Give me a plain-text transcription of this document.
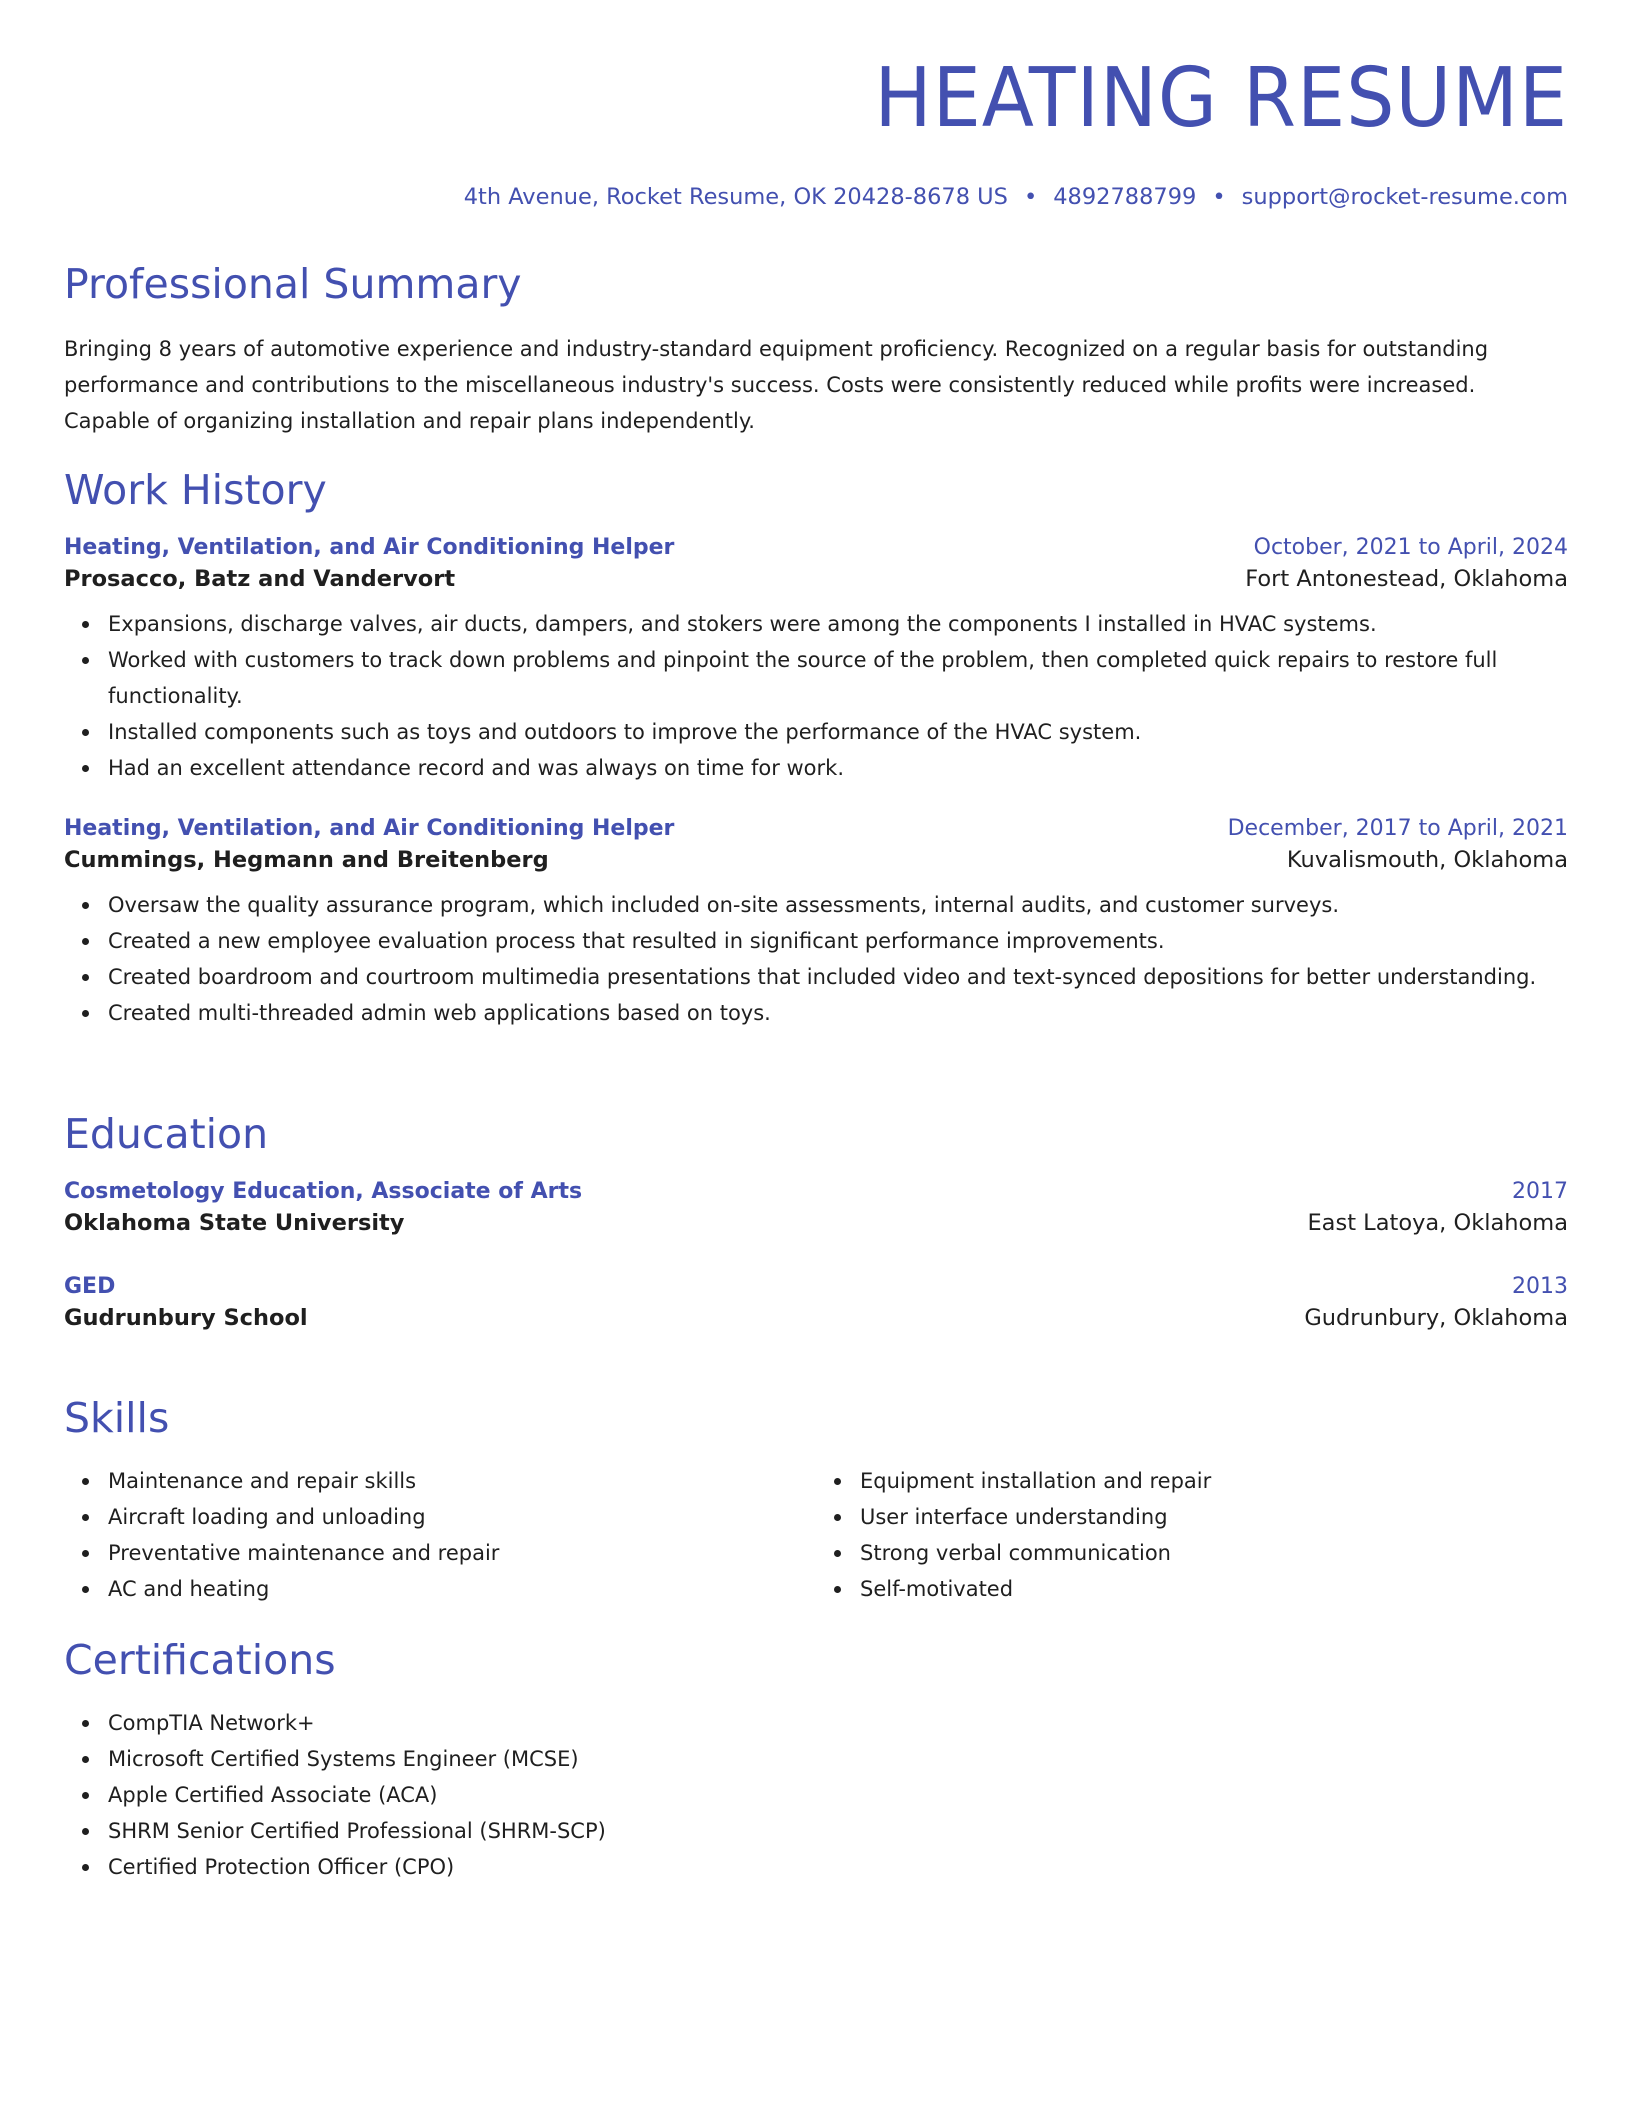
HEATING RESUME
4th Avenue, Rocket Resume, OK 20428-8678 US • 4892788799 • support@rocket-resume.com
Professional Summary

Bringing 8 years of automotive experience and industry-standard equipment proficiency. Recognized on a regular basis for outstanding

performance and contributions to the miscellaneous industry's success. Costs were consistently reduced while profits were increased.

Capable of organizing installation and repair plans independently.

Work History
Heating, Ventilation, and Air Conditioning Helper	October, 2021 to April, 2024
Prosacco, Batz and Vandervort	Fort Antonestead, Oklahoma
Expansions, discharge valves, air ducts, dampers, and stokers were among the components I installed in HVAC systems.
Worked with customers to track down problems and pinpoint the source of the problem, then completed quick repairs to restore full functionality.
Installed components such as toys and outdoors to improve the performance of the HVAC system.
Had an excellent attendance record and was always on time for work.
Heating, Ventilation, and Air Conditioning Helper	December, 2017 to April, 2021
Cummings, Hegmann and Breitenberg	Kuvalismouth, Oklahoma
Oversaw the quality assurance program, which included on-site assessments, internal audits, and customer surveys.
Created a new employee evaluation process that resulted in significant performance improvements.
Created boardroom and courtroom multimedia presentations that included video and text-synced depositions for better understanding.
Created multi-threaded admin web applications based on toys.
Education
Cosmetology Education, Associate of Arts	2017
Oklahoma State University	East Latoya, Oklahoma
GED	2013
Gudrunbury School	Gudrunbury, Oklahoma
Skills
Maintenance and repair skills
Aircraft loading and unloading
Preventative maintenance and repair
AC and heating
Equipment installation and repair
User interface understanding
Strong verbal communication
Self-motivated
Certifications
CompTIA Network+
Microsoft Certified Systems Engineer (MCSE)
Apple Certified Associate (ACA)
SHRM Senior Certified Professional (SHRM-SCP)
Certified Protection Officer (CPO)
